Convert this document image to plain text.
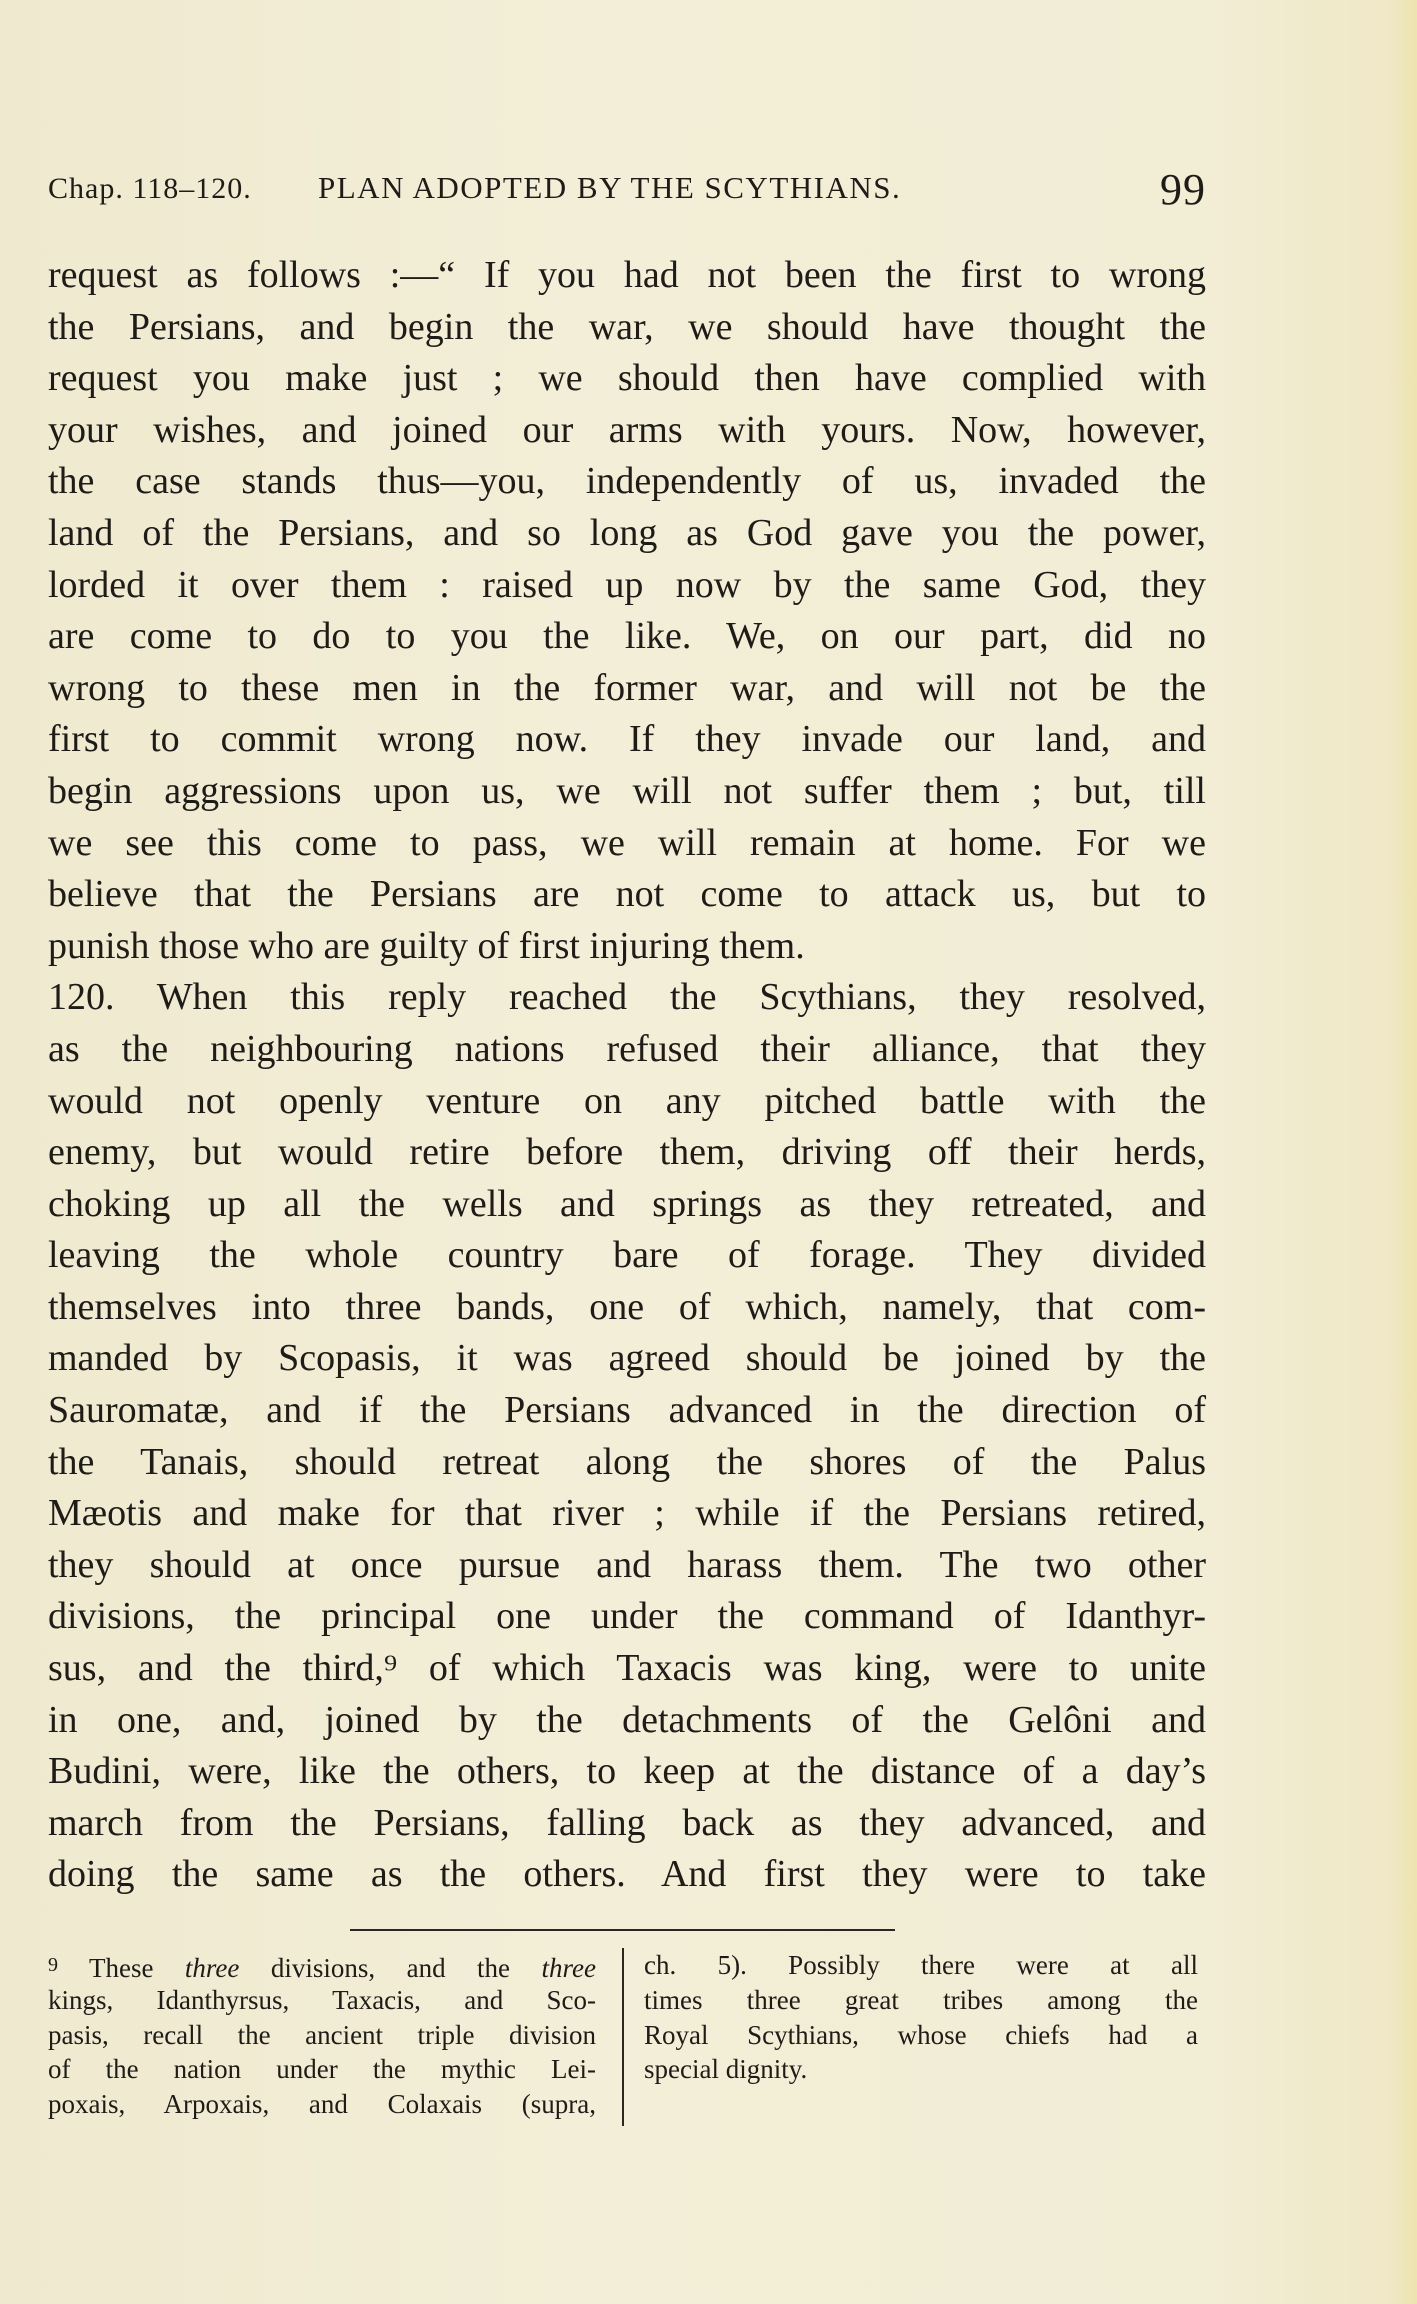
Chap. 118–120. PLAN ADOPTED BY THE SCYTHIANS.	99
request as follows :—“ If you had not been the first to wrong
the Persians, and begin the war, we should have thought the
request you make just ; we should then have complied with
your wishes, and joined our arms with yours. Now, however,
the case stands thus—you, independently of us, invaded the
land of the Persians, and so long as God gave you the power,
lorded it over them : raised up now by the same God, they
are come to do to you the like. We, on our part, did no
wrong to these men in the former war, and will not be the
first to commit wrong now. If they invade our land, and
begin aggressions upon us, we will not suffer them ; but, till
we see this come to pass, we will remain at home. For we
believe that the Persians are not come to attack us, but to
punish those who are guilty of first injuring them.
120. When this reply reached the Scythians, they resolved,
as the neighbouring nations refused their alliance, that they
would not openly venture on any pitched battle with the
enemy, but would retire before them, driving off their herds,
choking up all the wells and springs as they retreated, and
leaving the whole country bare of forage. They divided
themselves into three bands, one of which, namely, that com-
manded by Scopasis, it was agreed should be joined by the
Sauromatæ, and if the Persians advanced in the direction of
the Tanais, should retreat along the shores of the Palus
Mæotis and make for that river ; while if the Persians retired,
they should at once pursue and harass them. The two other
divisions, the principal one under the command of Idanthyr-
sus, and the third,⁹ of which Taxacis was king, were to unite
in one, and, joined by the detachments of the Gelôni and
Budini, were, like the others, to keep at the distance of a day’s
march from the Persians, falling back as they advanced, and
doing the same as the others. And first they were to take
$^9$ These three divisions, and the three
kings, Idanthyrsus, Taxacis, and Sco-
pasis, recall the ancient triple division
of the nation under the mythic Lei-
poxais, Arpoxais, and Colaxais (supra,
ch. 5). Possibly there were at all
times three great tribes among the
Royal Scythians, whose chiefs had a
special dignity.
